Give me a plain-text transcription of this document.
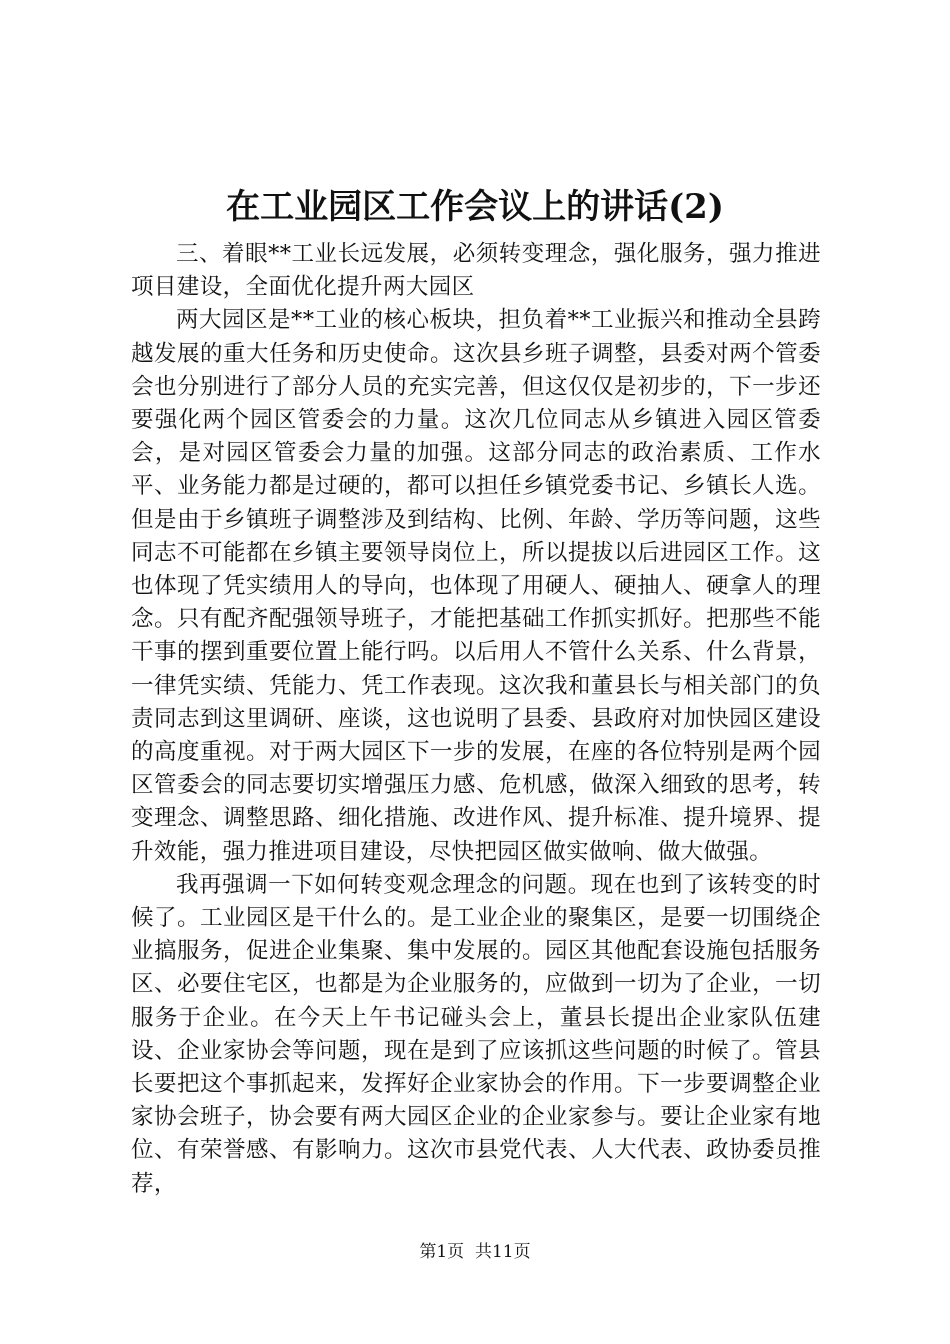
在工业园区工作会议上的讲话(2)

三、着眼**工业长远发展，必须转变理念，强化服务，强力推进项目建设，全面优化提升两大园区

两大园区是**工业的核心板块，担负着**工业振兴和推动全县跨越发展的重大任务和历史使命。这次县乡班子调整，县委对两个管委会也分别进行了部分人员的充实完善，但这仅仅是初步的，下一步还要强化两个园区管委会的力量。这次几位同志从乡镇进入园区管委会，是对园区管委会力量的加强。这部分同志的政治素质、工作水平、业务能力都是过硬的，都可以担任乡镇党委书记、乡镇长人选。但是由于乡镇班子调整涉及到结构、比例、年龄、学历等问题，这些同志不可能都在乡镇主要领导岗位上，所以提拔以后进园区工作。这也体现了凭实绩用人的导向，也体现了用硬人、硬抽人、硬拿人的理念。只有配齐配强领导班子，才能把基础工作抓实抓好。把那些不能干事的摆到重要位置上能行吗。以后用人不管什么关系、什么背景，一律凭实绩、凭能力、凭工作表现。这次我和董县长与相关部门的负责同志到这里调研、座谈，这也说明了县委、县政府对加快园区建设的高度重视。对于两大园区下一步的发展，在座的各位特别是两个园区管委会的同志要切实增强压力感、危机感，做深入细致的思考，转变理念、调整思路、细化措施、改进作风、提升标准、提升境界、提升效能，强力推进项目建设，尽快把园区做实做响、做大做强。

我再强调一下如何转变观念理念的问题。现在也到了该转变的时候了。工业园区是干什么的。是工业企业的聚集区，是要一切围绕企业搞服务，促进企业集聚、集中发展的。园区其他配套设施包括服务区、必要住宅区，也都是为企业服务的，应做到一切为了企业，一切服务于企业。在今天上午书记碰头会上，董县长提出企业家队伍建设、企业家协会等问题，现在是到了应该抓这些问题的时候了。管县长要把这个事抓起来，发挥好企业家协会的作用。下一步要调整企业家协会班子，协会要有两大园区企业的企业家参与。要让企业家有地位、有荣誉感、有影响力。这次市县党代表、人大代表、政协委员推荐，

第1页  共11页
